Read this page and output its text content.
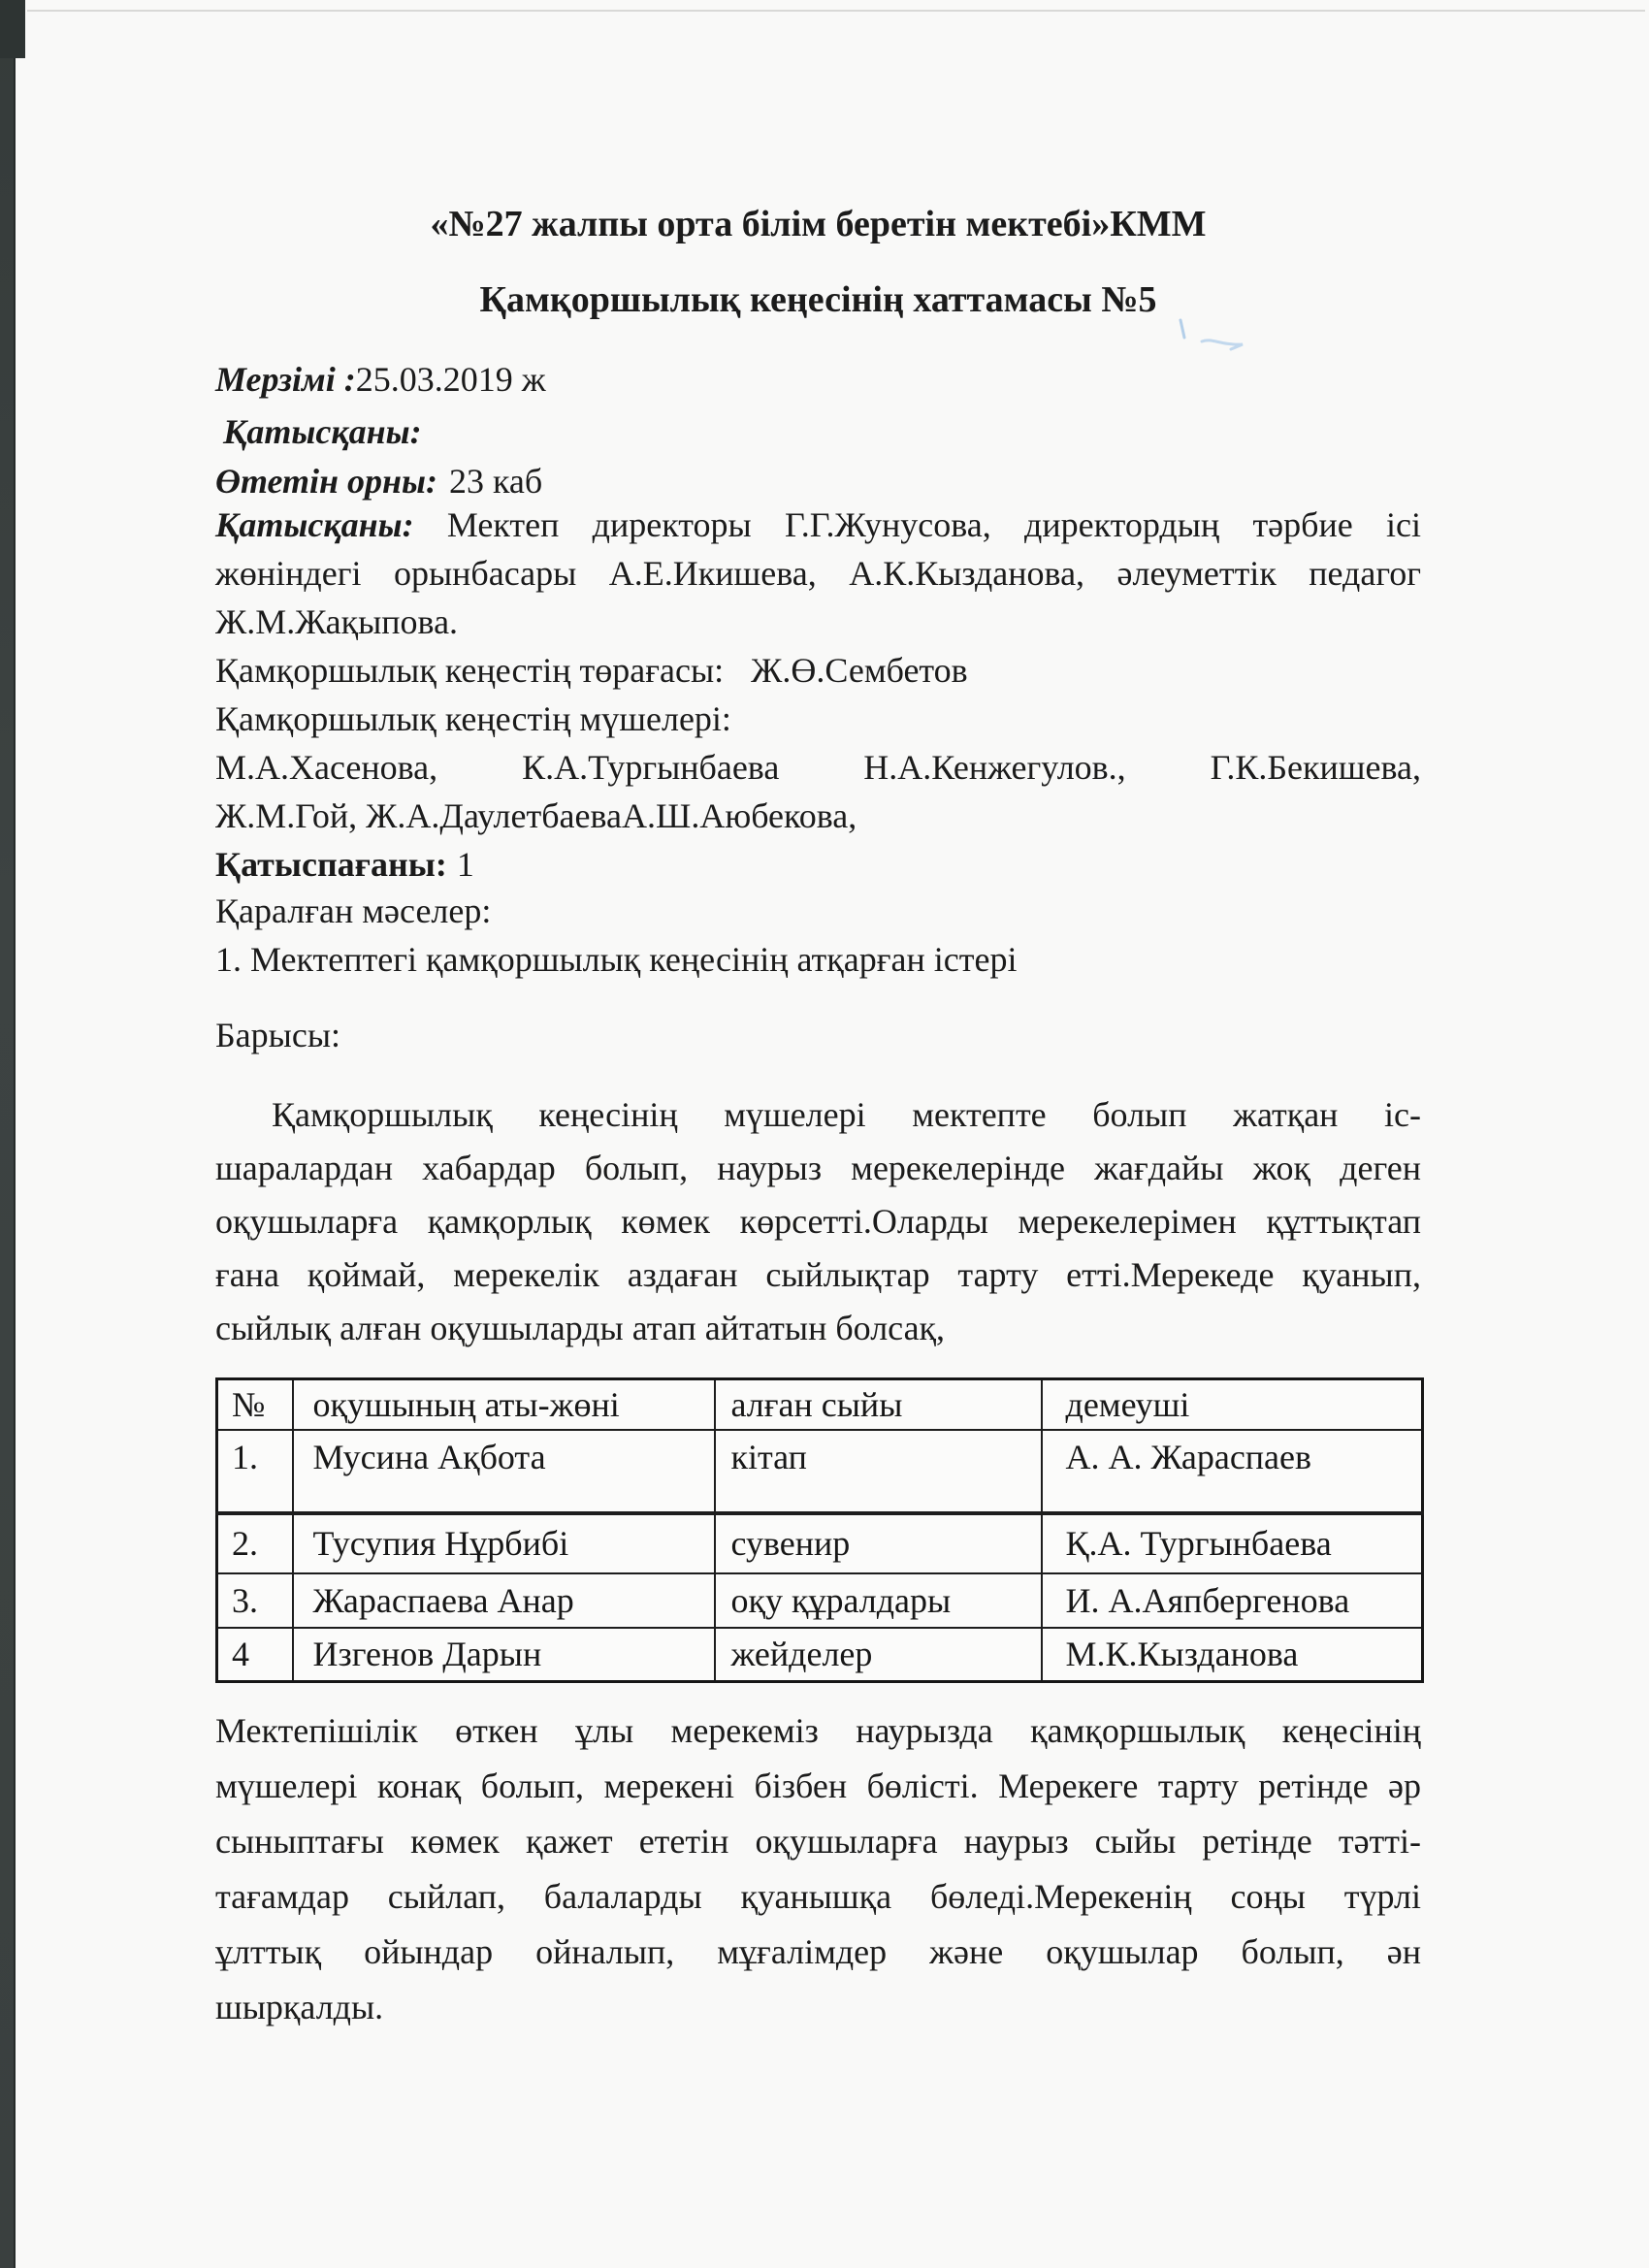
«№27 жалпы орта білім беретін мектебі»КММ
Қамқоршылық кеңесінің хаттамасы №5
Мерзімі :25.03.2019 ж
Қатысқаны:
Өтетін орны: 23 каб
Қатысқаны: Мектеп директоры Г.Г.Жунусова, директордың тәрбие ісі
жөніндегі орынбасары А.Е.Икишева, А.К.Кызданова, әлеуметтік педагог
Ж.М.Жақыпова.
Қамқоршылық кеңестің төрағасы: Ж.Ө.Сембетов
Қамқоршылық кеңестің мүшелері:
М.А.Хасенова, К.А.Тургынбаева Н.А.Кенжегулов., Г.К.Бекишева,
Ж.М.Гой, Ж.А.ДаулетбаеваА.Ш.Аюбекова,
Қатыспағаны: 1
Қаралған мәселер:
1. Мектептегі қамқоршылық кеңесінің атқарған істері
Барысы:
Қамқоршылық кеңесінің мүшелері мектепте болып жатқан іс-
шаралардан хабардар болып, наурыз мерекелерінде жағдайы жоқ деген
оқушыларға қамқорлық көмек көрсетті.Оларды мерекелерімен құттықтап
ғана қоймай, мерекелік аздаған сыйлықтар тарту етті.Мерекеде қуанып,
сыйлық алған оқушыларды атап айтатын болсақ,
№	оқушының аты-жөні	алған сыйы	демеуші
1.	Мусина Ақбота	кітап	А. А. Жараспаев
2.	Тусупия Нұрбибі	сувенир	Қ.А. Тургынбаева
3.	Жараспаева Анар	оқу құралдары	И. А.Аяпбергенова
4	Изгенов Дарын	жейделер	М.К.Кызданова
Мектепішілік өткен ұлы мерекеміз наурызда қамқоршылық кеңесінің
мүшелері конақ болып, мерекені бізбен бөлісті. Мерекеге тарту ретінде әр
сыныптағы көмек қажет ететін оқушыларға наурыз сыйы ретінде тәтті-
тағамдар сыйлап, балаларды қуанышқа бөледі.Мерекенің соңы түрлі
ұлттық ойындар ойналып, мұғалімдер және оқушылар болып, ән
шырқалды.
